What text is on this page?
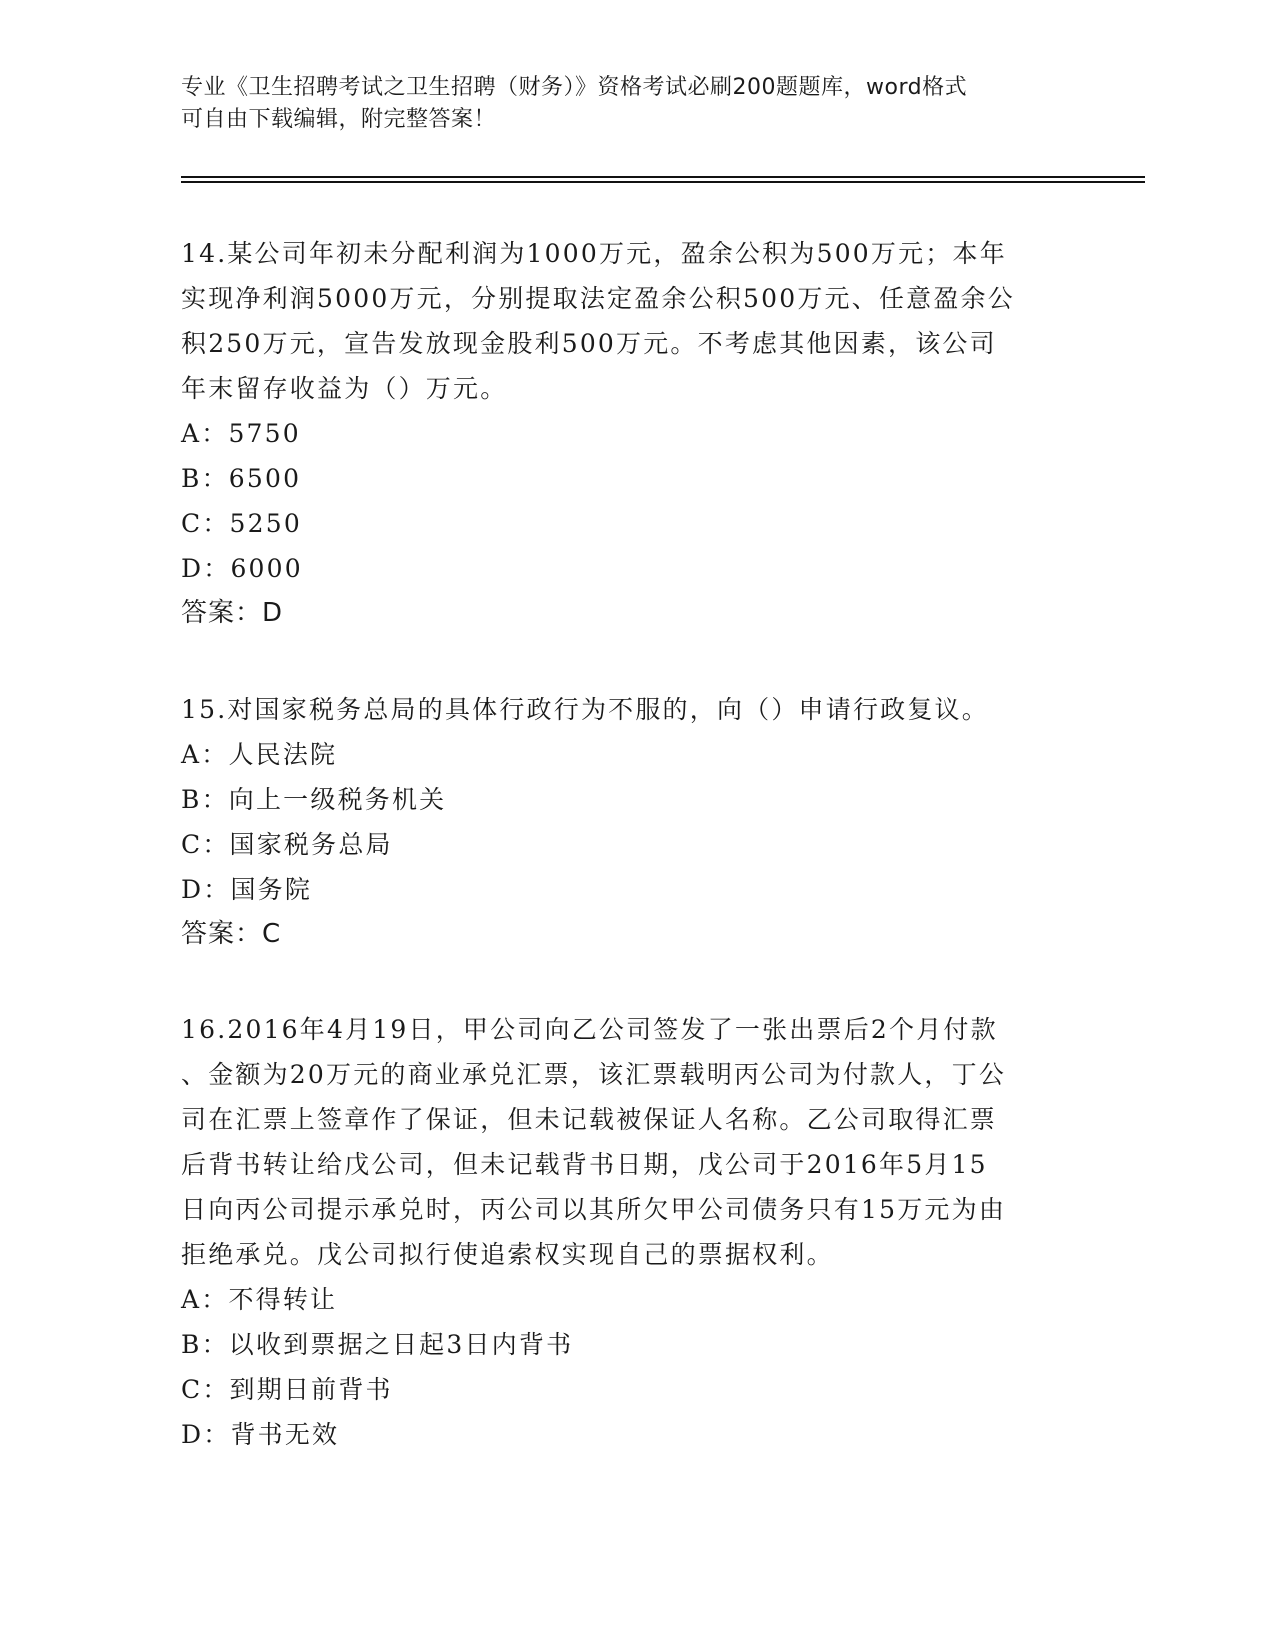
专业《卫生招聘考试之卫生招聘（财务）》资格考试必刷200题题库，word格式
可自由下载编辑，附完整答案！
14.某公司年初未分配利润为1000万元，盈余公积为500万元；本年
实现净利润5000万元，分别提取法定盈余公积500万元、任意盈余公
积250万元，宣告发放现金股利500万元。不考虑其他因素，该公司
年末留存收益为（）万元。
A：5750
B：6500
C：5250
D：6000
答案：D
15.对国家税务总局的具体行政行为不服的，向（）申请行政复议。
A：人民法院
B：向上一级税务机关
C：国家税务总局
D：国务院
答案：C
16.2016年4月19日，甲公司向乙公司签发了一张出票后2个月付款
、金额为20万元的商业承兑汇票，该汇票载明丙公司为付款人，丁公
司在汇票上签章作了保证，但未记载被保证人名称。乙公司取得汇票
后背书转让给戊公司，但未记载背书日期，戊公司于2016年5月15
日向丙公司提示承兑时，丙公司以其所欠甲公司债务只有15万元为由
拒绝承兑。戊公司拟行使追索权实现自己的票据权利。
A：不得转让
B：以收到票据之日起3日内背书
C：到期日前背书
D：背书无效
